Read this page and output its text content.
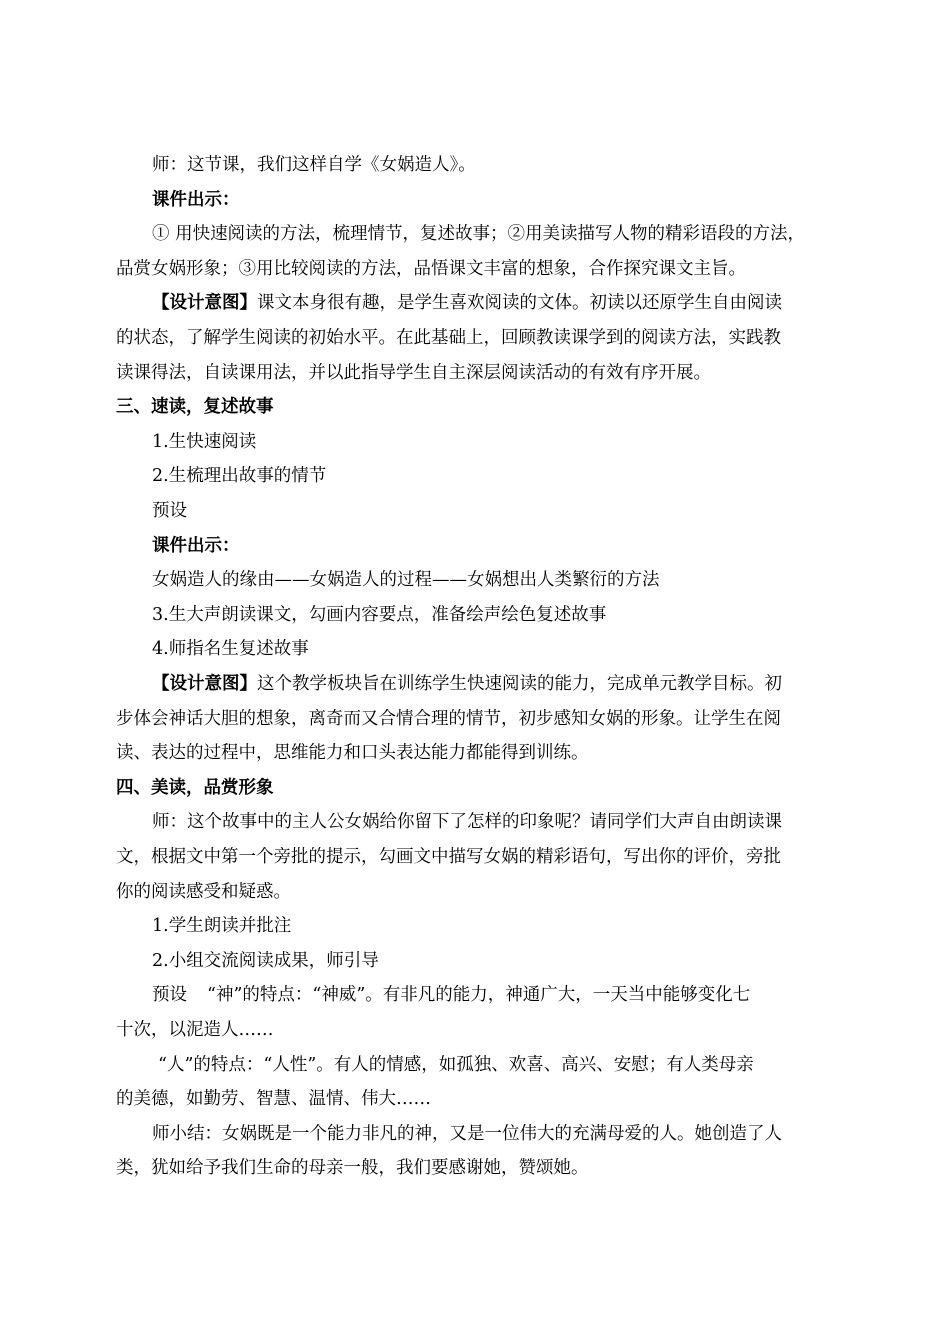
师：这节课，我们这样自学《女娲造人》。
课件出示：
① 用快速阅读的方法，梳理情节，复述故事；②用美读描写人物的精彩语段的方法，
品赏女娲形象；③用比较阅读的方法，品悟课文丰富的想象，合作探究课文主旨。
【设计意图】课文本身很有趣，是学生喜欢阅读的文体。初读以还原学生自由阅读
的状态，了解学生阅读的初始水平。在此基础上，回顾教读课学到的阅读方法，实践教
读课得法，自读课用法，并以此指导学生自主深层阅读活动的有效有序开展。
三、速读，复述故事
1.生快速阅读
2.生梳理出故事的情节
预设
课件出示：
女娲造人的缘由——女娲造人的过程——女娲想出人类繁衍的方法
3.生大声朗读课文，勾画内容要点，准备绘声绘色复述故事
4.师指名生复述故事
【设计意图】这个教学板块旨在训练学生快速阅读的能力，完成单元教学目标。初
步体会神话大胆的想象，离奇而又合情合理的情节，初步感知女娲的形象。让学生在阅
读、表达的过程中，思维能力和口头表达能力都能得到训练。
四、美读，品赏形象
师：这个故事中的主人公女娲给你留下了怎样的印象呢？请同学们大声自由朗读课
文，根据文中第一个旁批的提示，勾画文中描写女娲的精彩语句，写出你的评价，旁批
你的阅读感受和疑惑。
1.学生朗读并批注
2.小组交流阅读成果，师引导
预设 “神”的特点：“神威”。有非凡的能力，神通广大，一天当中能够变化七
十次，以泥造人……
“人”的特点：“人性”。有人的情感，如孤独、欢喜、高兴、安慰；有人类母亲
的美德，如勤劳、智慧、温情、伟大……
师小结：女娲既是一个能力非凡的神，又是一位伟大的充满母爱的人。她创造了人
类，犹如给予我们生命的母亲一般，我们要感谢她，赞颂她。
